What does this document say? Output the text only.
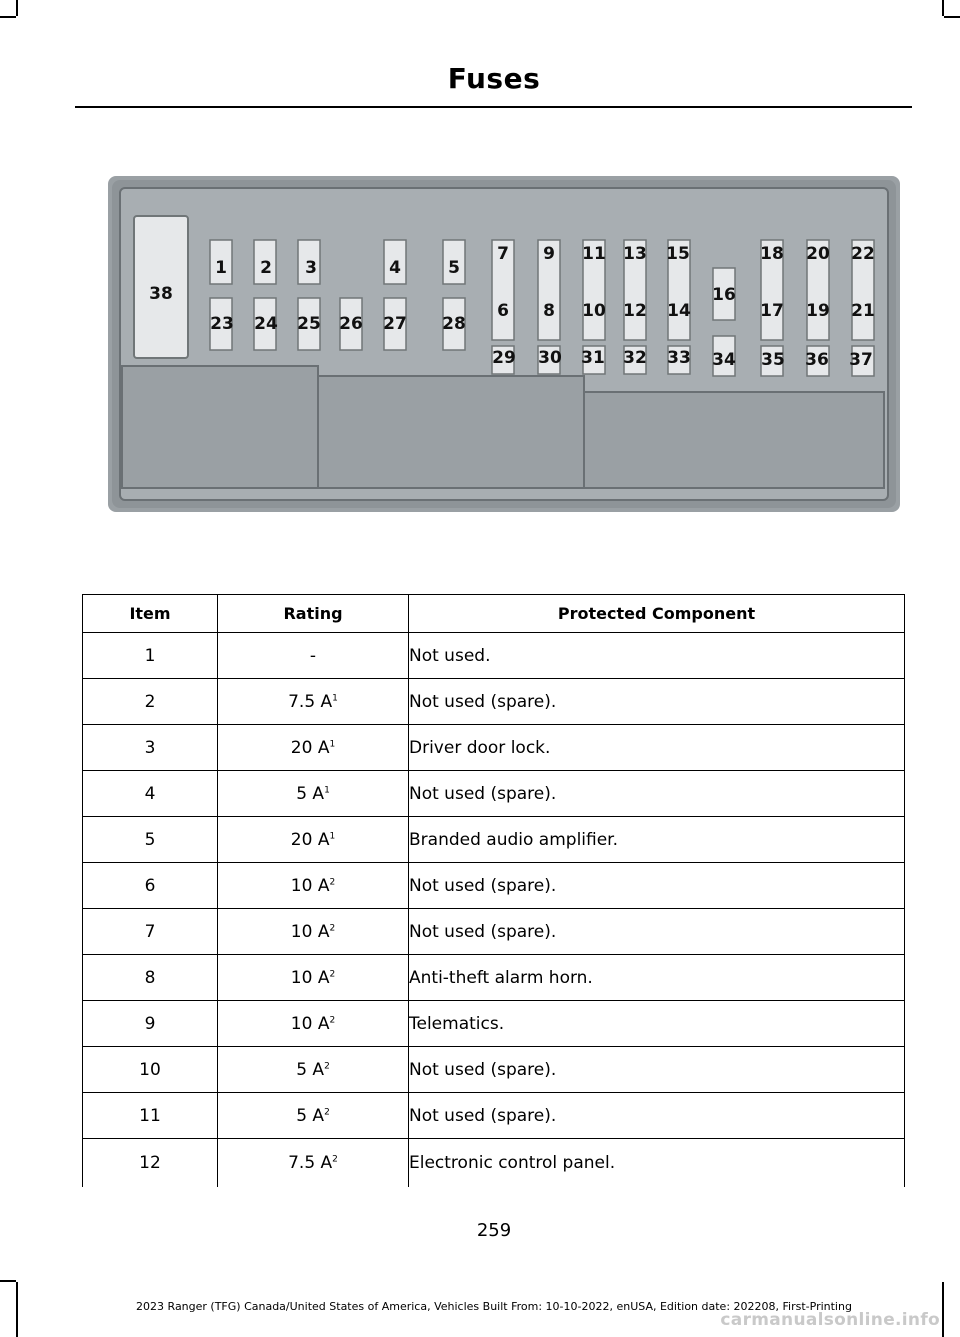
Fuses
1 2 3	4	5
7 9 11 13 15	18 20 22
38	16
23 24 25 26 27 28
6 8 10 12 14	17 19 21
29 30 31 32 33 34 35 36 37
Item	Rating	Protected Component
1	-	Not used.
2	7.5 $A^1$	Not used (spare).
3	20 $A^1$	Driver door lock.
4	5 $A^1$	Not used (spare).
5	20 $A^1$	Branded audio amplifier.
6	10 $A^2$	Not used (spare).
7	10 $A^2$	Not used (spare).
8	10 $A^2$	Anti-theft alarm horn.
9	10 $A^2$	Telematics.
10	5 $A^2$	Not used (spare).
11	5 $A^2$	Not used (spare).
12	7.5 $A^2$	Electronic control panel.
259
2023 Ranger (TFG) Canada/United States of America, Vehicles Built From: 10-10-2022, enUSA, Edition date: 202208, First-Printing
carmanualsonline.info
